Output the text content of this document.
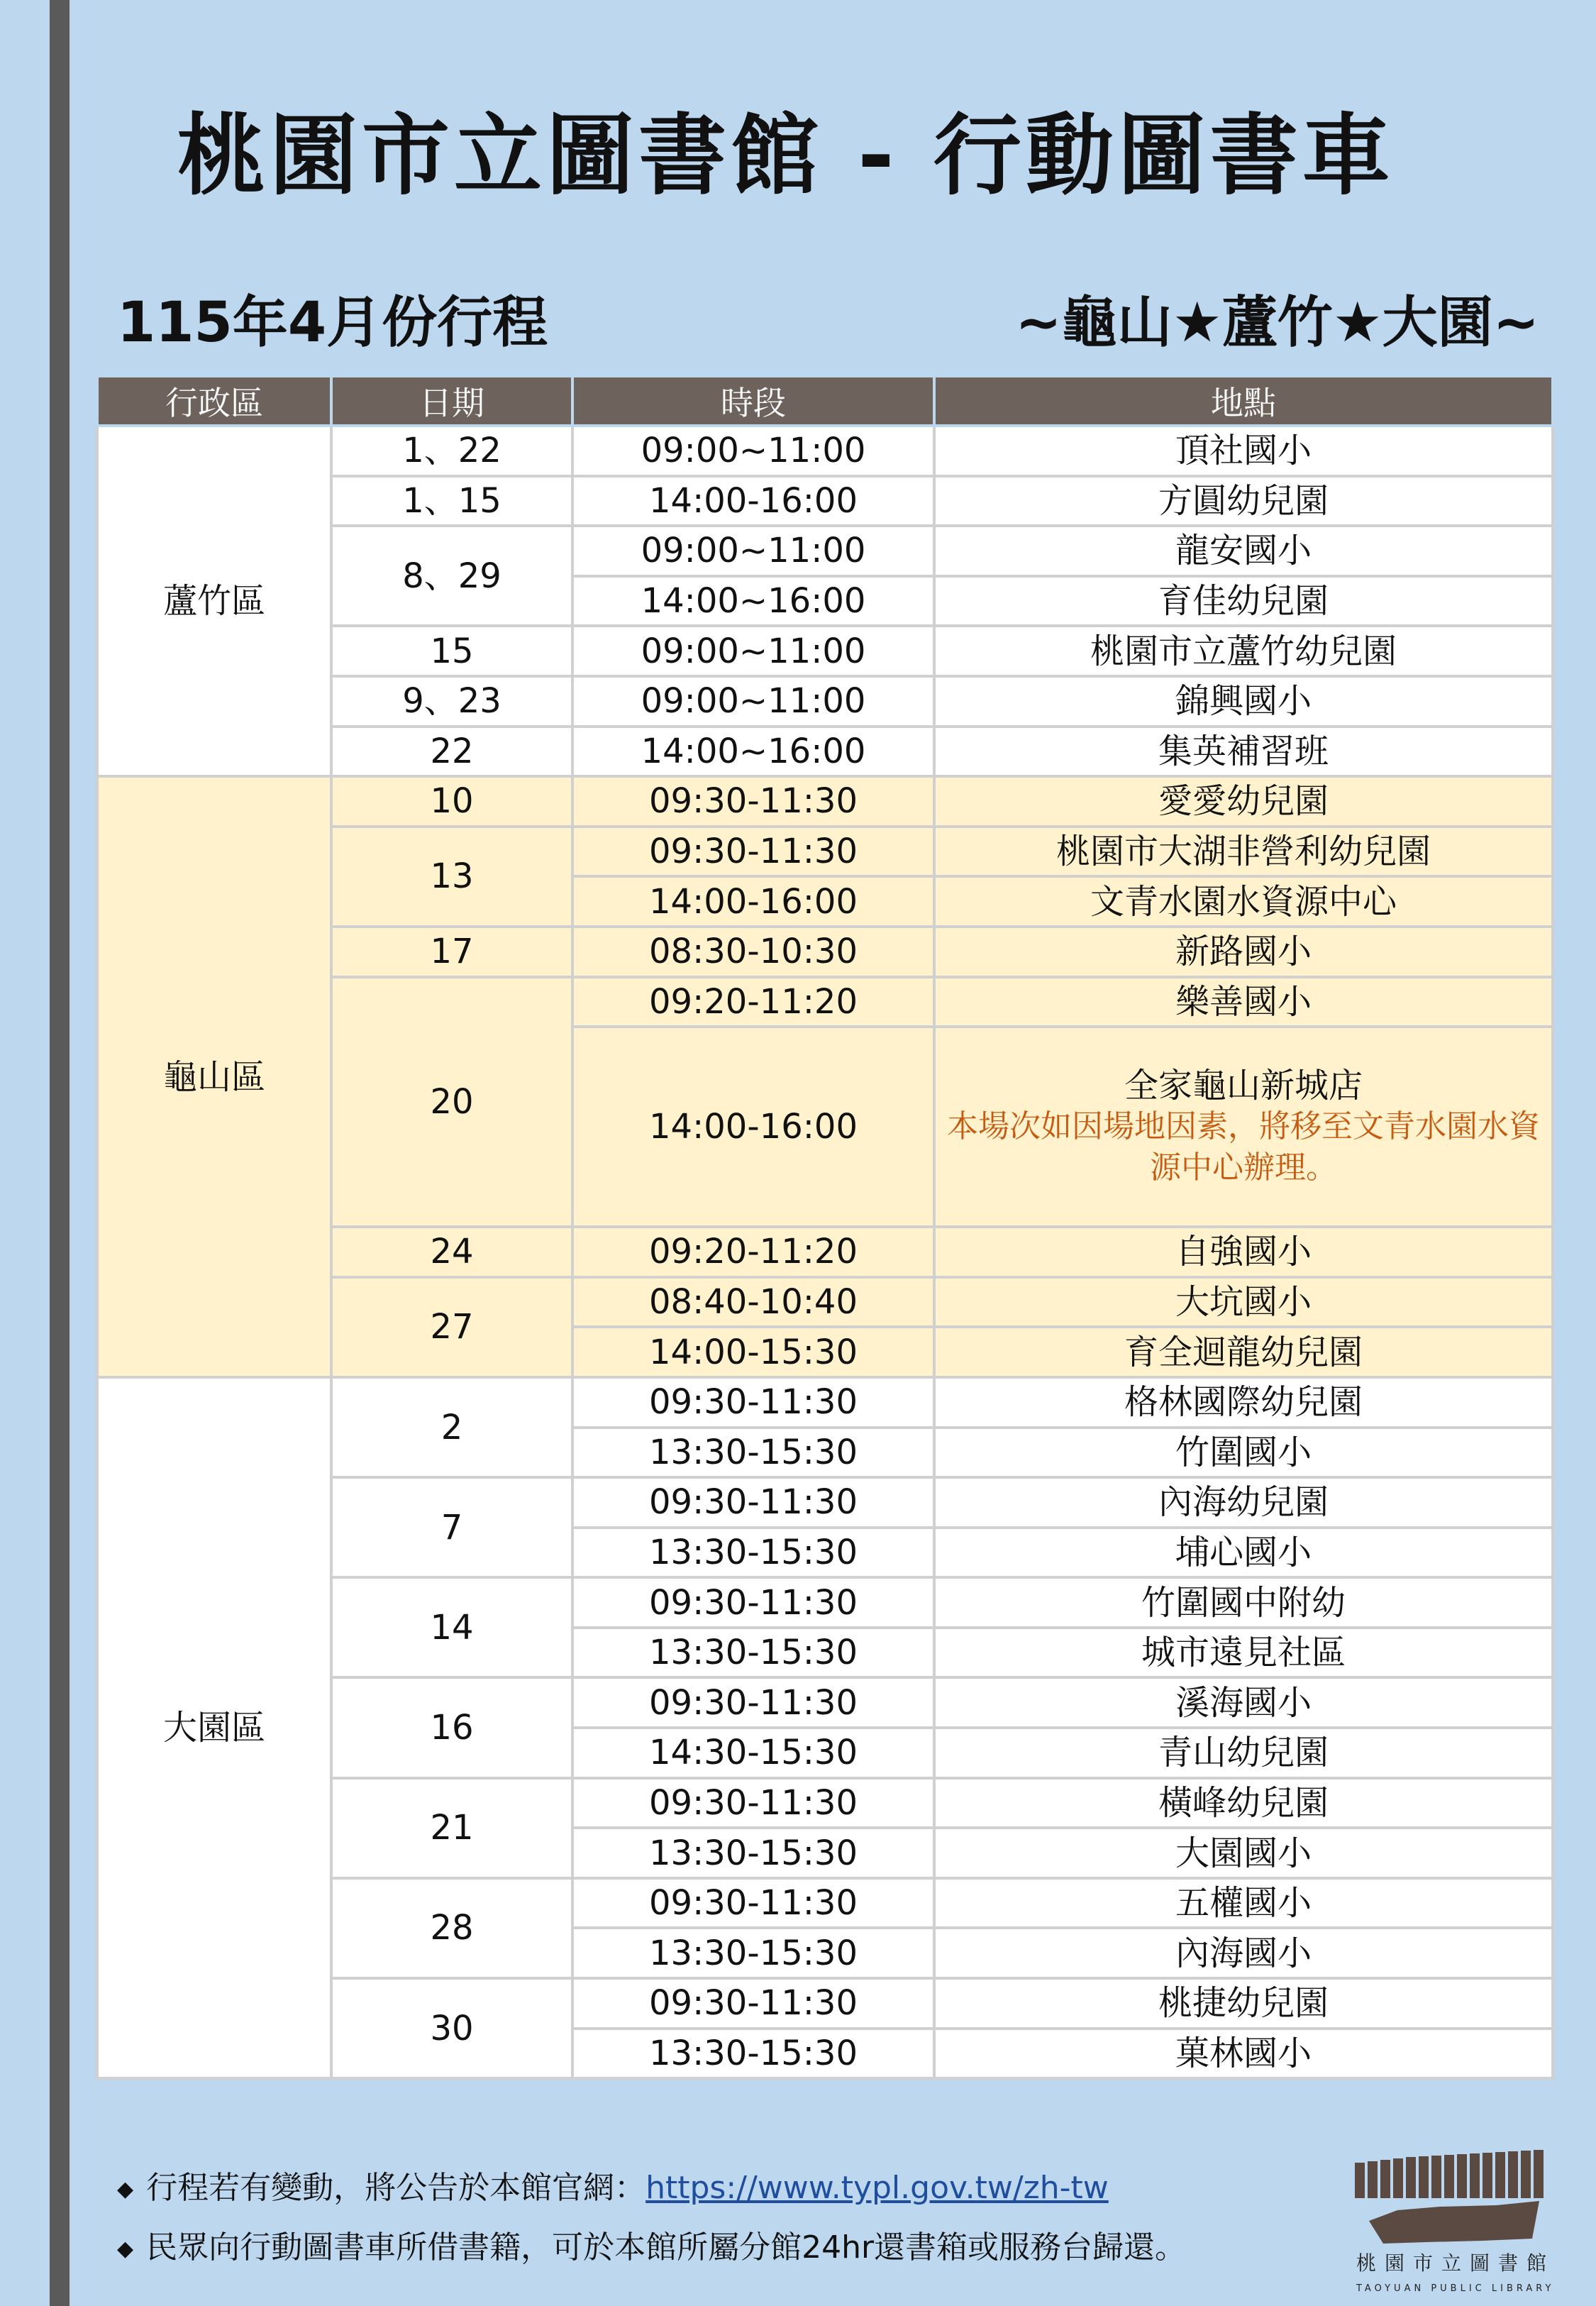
桃園市立圖書館 - 行動圖書車
115年4月份行程	~龜山★蘆竹★大園~
行政區	日期	時段	地點
蘆竹區	1、22	09:00~11:00	頂社國小
	1、15	14:00-16:00	方圓幼兒園
	8、29	09:00~11:00	龍安國小
		14:00~16:00	育佳幼兒園
	15	09:00~11:00	桃園市立蘆竹幼兒園
	9、23	09:00~11:00	錦興國小
	22	14:00~16:00	集英補習班
龜山區	10	09:30-11:30	愛愛幼兒園
	13	09:30-11:30	桃園市大湖非營利幼兒園
		14:00-16:00	文青水園水資源中心
	17	08:30-10:30	新路國小
	20	09:20-11:20	樂善國小
		14:00-16:00	全家龜山新城店
本場次如因場地因素，將移至文青水園水資源中心辦理。

	24	09:20-11:20	自強國小
	27	08:40-10:40	大坑國小
		14:00-15:30	育全迴龍幼兒園
大園區	2	09:30-11:30	格林國際幼兒園
		13:30-15:30	竹圍國小
	7	09:30-11:30	內海幼兒園
		13:30-15:30	埔心國小
	14	09:30-11:30	竹圍國中附幼
		13:30-15:30	城市遠見社區
	16	09:30-11:30	溪海國小
		14:30-15:30	青山幼兒園
	21	09:30-11:30	橫峰幼兒園
		13:30-15:30	大園國小
	28	09:30-11:30	五權國小
		13:30-15:30	內海國小
	30	09:30-11:30	桃捷幼兒園
		13:30-15:30	菓林國小
◆ 行程若有變動，將公告於本館官網：https://www.typl.gov.tw/zh-tw
◆ 民眾向行動圖書車所借書籍，可於本館所屬分館24hr還書箱或服務台歸還。	桃園市立圖書館
TAOYUAN PUBLIC LIBRARY
